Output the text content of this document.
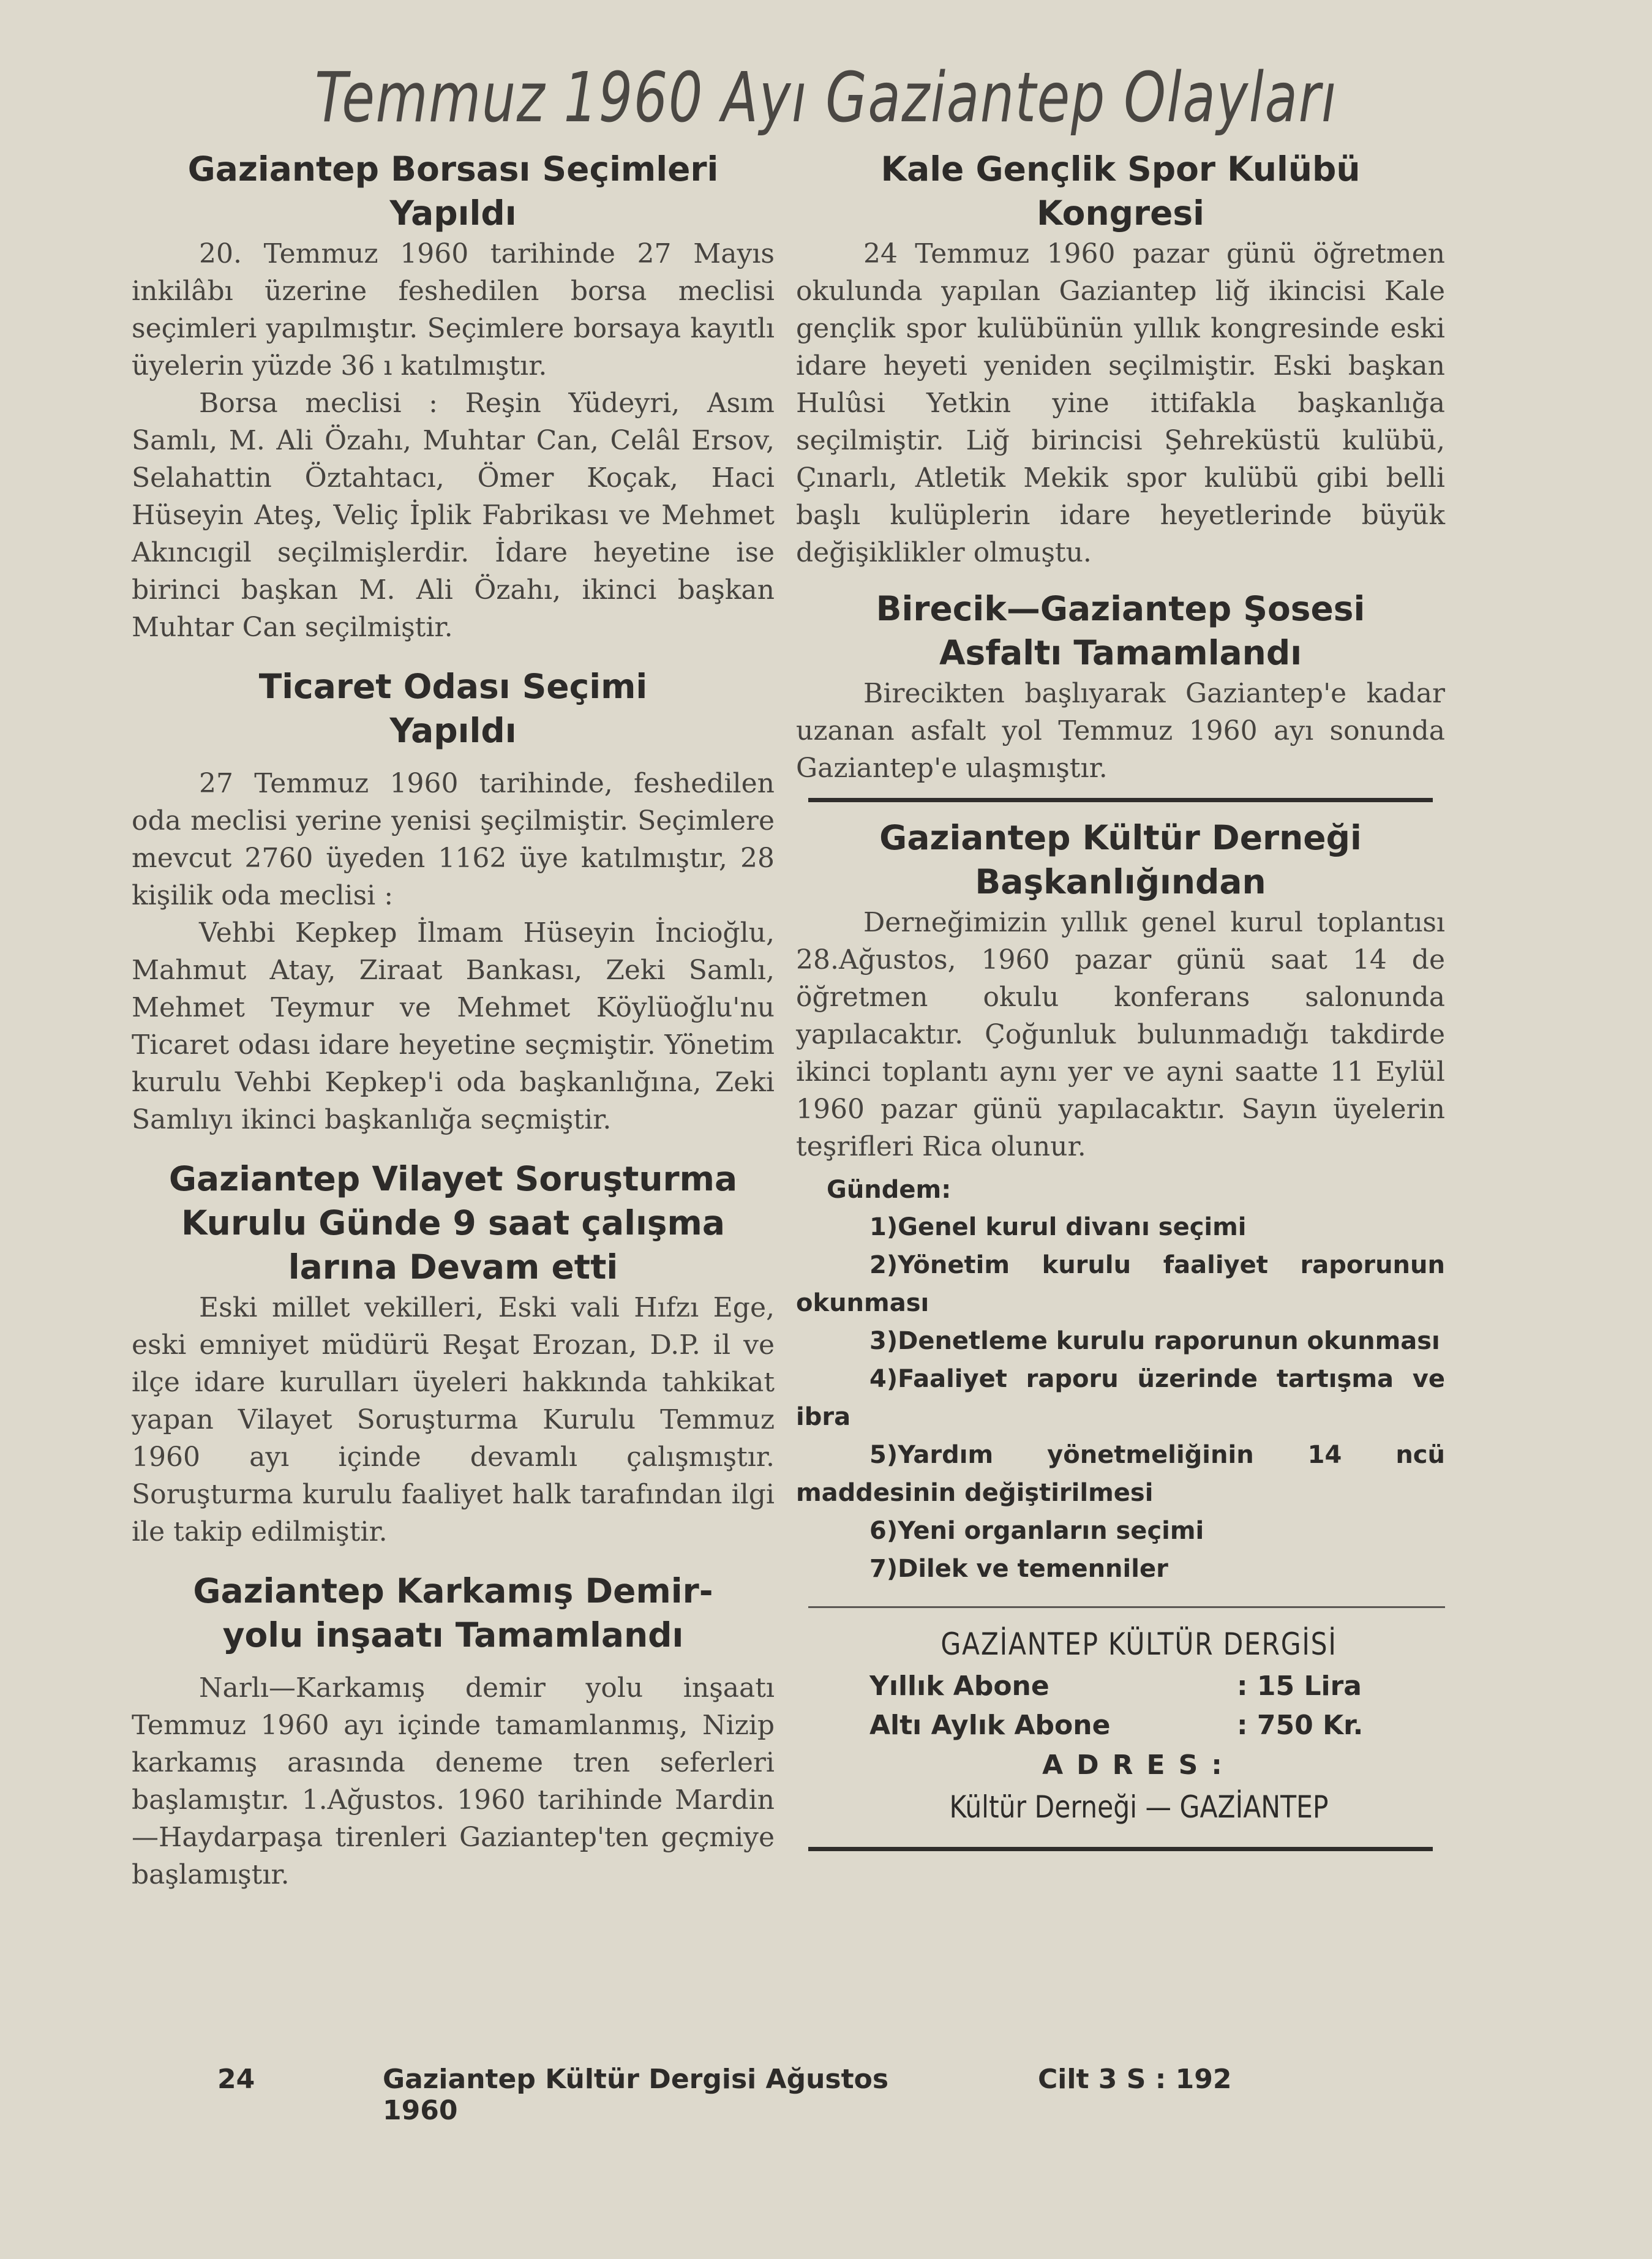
Temmuz 1960 Ayı Gaziantep Olayları

Gaziantep Borsası Seçimleri

Yapıldı

20. Temmuz 1960 tarihinde 27 Mayıs inkilâbı üzerine feshedilen borsa meclisi seçimleri yapılmıştır. Seçimlere borsaya kayıtlı üyelerin yüzde 36 ı katılmıştır.

Borsa meclisi : Reşin Yüdeyri, Asım Samlı, M. Ali Özahı, Muhtar Can, Celâl Ersov, Selahattin Öztahtacı, Ömer Koçak, Haci Hüseyin Ateş, Veliç İplik Fabrikası ve Mehmet Akıncıgil seçilmişlerdir. İdare heyetine ise birinci başkan M. Ali Özahı, ikinci başkan Muhtar Can seçilmiştir.

Ticaret Odası Seçimi

Yapıldı

27 Temmuz 1960 tarihinde, feshedilen oda meclisi yerine yenisi şeçilmiştir. Seçimlere mevcut 2760 üyeden 1162 üye katılmıştır, 28 kişilik oda meclisi :

Vehbi Kepkep İlmam Hüseyin İncioğlu, Mahmut Atay, Ziraat Bankası, Zeki Samlı, Mehmet Teymur ve Mehmet Köylüoğlu'nu Ticaret odası idare heyetine seçmiştir. Yönetim kurulu Vehbi Kepkep'i oda başkanlığına, Zeki Samlıyı ikinci başkanlığa seçmiştir.

Gaziantep Vilayet Soruşturma Kurulu Günde 9 saat çalışma

larına Devam etti

Eski millet vekilleri, Eski vali Hıfzı Ege, eski emniyet müdürü Reşat Erozan, D.P. il ve ilçe idare kurulları üyeleri hakkında tahkikat yapan Vilayet Soruşturma Kurulu Temmuz 1960 ayı içinde devamlı çalışmıştır. Soruşturma kurulu faaliyet halk tarafından ilgi ile takip edilmiştir.

Gaziantep Karkamış Demir-

yolu inşaatı Tamamlandı

Narlı—Karkamış demir yolu inşaatı Temmuz 1960 ayı içinde tamamlanmış, Nizip karkamış arasında deneme tren seferleri başlamıştır. 1.Ağustos. 1960 tarihinde Mardin—Haydarpaşa tirenleri Gaziantep'ten geçmiye başlamıştır.

Kale Gençlik Spor Kulübü

Kongresi

24 Temmuz 1960 pazar günü öğretmen okulunda yapılan Gaziantep liğ ikincisi Kale gençlik spor kulübünün yıllık kongresinde eski idare heyeti yeniden seçilmiştir. Eski başkan Hulûsi Yetkin yine ittifakla başkanlığa seçilmiştir. Liğ birincisi Şehreküstü kulübü, Çınarlı, Atletik Mekik spor kulübü gibi belli başlı kulüplerin idare heyetlerinde büyük değişiklikler olmuştu.

Birecik—Gaziantep Şosesi

Asfaltı Tamamlandı

Birecikten başlıyarak Gaziantep'e kadar uzanan asfalt yol Temmuz 1960 ayı sonunda Gaziantep'e ulaşmıştır.

Gaziantep Kültür Derneği

Başkanlığından

Derneğimizin yıllık genel kurul toplantısı 28.Ağustos, 1960 pazar günü saat 14 de öğretmen okulu konferans salonunda yapılacaktır. Çoğunluk bulunmadığı takdirde ikinci toplantı aynı yer ve ayni saatte 11 Eylül 1960 pazar günü yapılacaktır. Sayın üyelerin teşrifleri Rica olunur.

Gündem:

1)Genel kurul divanı seçimi

2)Yönetim kurulu faaliyet raporunun okunması

3)Denetleme kurulu raporunun okunması

4)Faaliyet raporu üzerinde tartışma ve ibra

5)Yardım yönetmeliğinin 14 ncü maddesinin değiştirilmesi

6)Yeni organların seçimi

7)Dilek ve temenniler

GAZİANTEP KÜLTÜR DERGİSİ
Yıllık Abone	: 15 Lira
Altı Aylık Abone	: 750 Kr.
ADRES:
Kültür Derneği — GAZİANTEP
24	Gaziantep Kültür Dergisi Ağustos 1960
Cilt 3 S : 192
